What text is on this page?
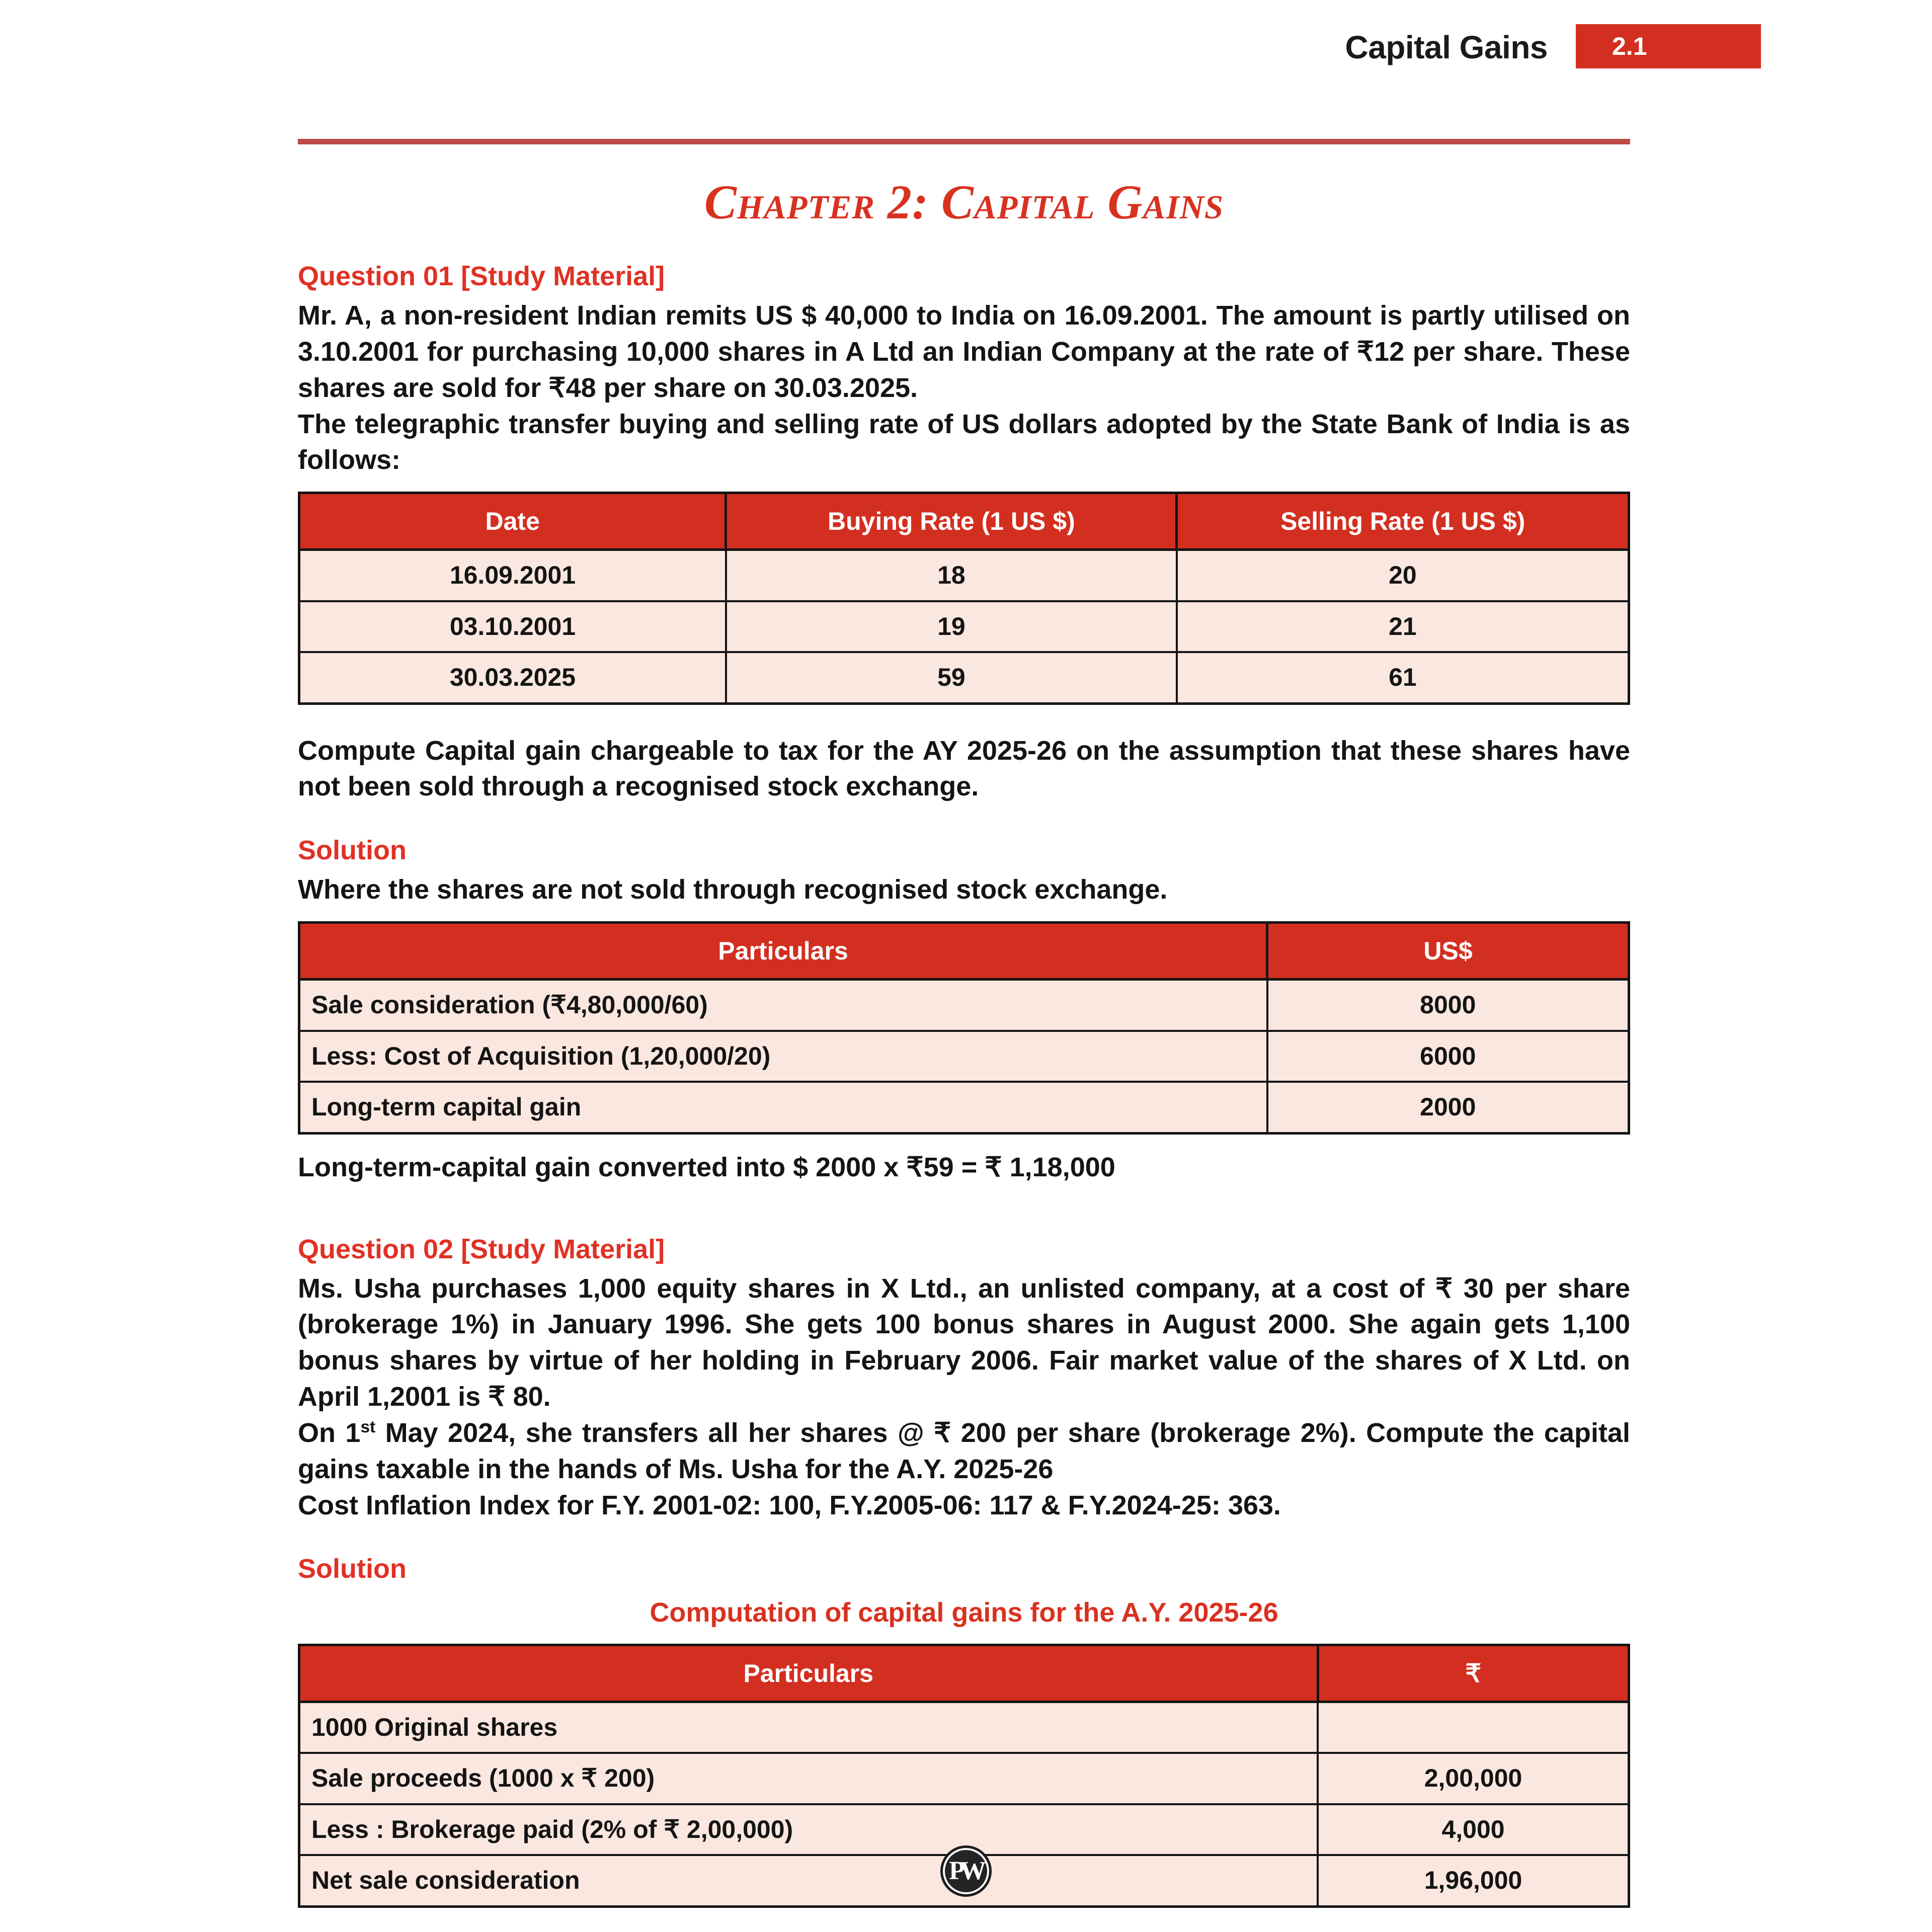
Capital Gains	2.1
Chapter 2: Capital Gains
Question 01 [Study Material]

Mr. A, a non-resident Indian remits US $ 40,000 to India on 16.09.2001. The amount is partly utilised on 3.10.2001 for purchasing 10,000 shares in A Ltd an Indian Company at the rate of ₹12 per share. These shares are sold for ₹48 per share on 30.03.2025.

The telegraphic transfer buying and selling rate of US dollars adopted by the State Bank of India is as follows:

Date	Buying Rate (1 US $)	Selling Rate (1 US $)
16.09.2001	18	20
03.10.2001	19	21
30.03.2025	59	61

Compute Capital gain chargeable to tax for the AY 2025-26 on the assumption that these shares have not been sold through a recognised stock exchange.

Solution

Where the shares are not sold through recognised stock exchange.

Particulars	US$
Sale consideration (₹4,80,000/60)	8000
Less: Cost of Acquisition (1,20,000/20)	6000
Long-term capital gain	2000

Long-term-capital gain converted into $ 2000 x ₹59 = ₹ 1,18,000

Question 02 [Study Material]

Ms. Usha purchases 1,000 equity shares in X Ltd., an unlisted company, at a cost of ₹ 30 per share (brokerage 1%) in January 1996. She gets 100 bonus shares in August 2000. She again gets 1,100 bonus shares by virtue of her holding in February 2006. Fair market value of the shares of X Ltd. on April 1,2001 is ₹ 80.

On 1st May 2024, she transfers all her shares @ ₹ 200 per share (brokerage 2%). Compute the capital gains taxable in the hands of Ms. Usha for the A.Y. 2025-26

Cost Inflation Index for F.Y. 2001-02: 100, F.Y.2005-06: 117 & F.Y.2024-25: 363.

Solution
Computation of capital gains for the A.Y. 2025-26
Particulars	₹
1000 Original shares	
Sale proceeds (1000 x ₹ 200)	2,00,000
Less : Brokerage paid (2% of ₹ 2,00,000)	4,000
Net sale consideration	1,96,000
PW
